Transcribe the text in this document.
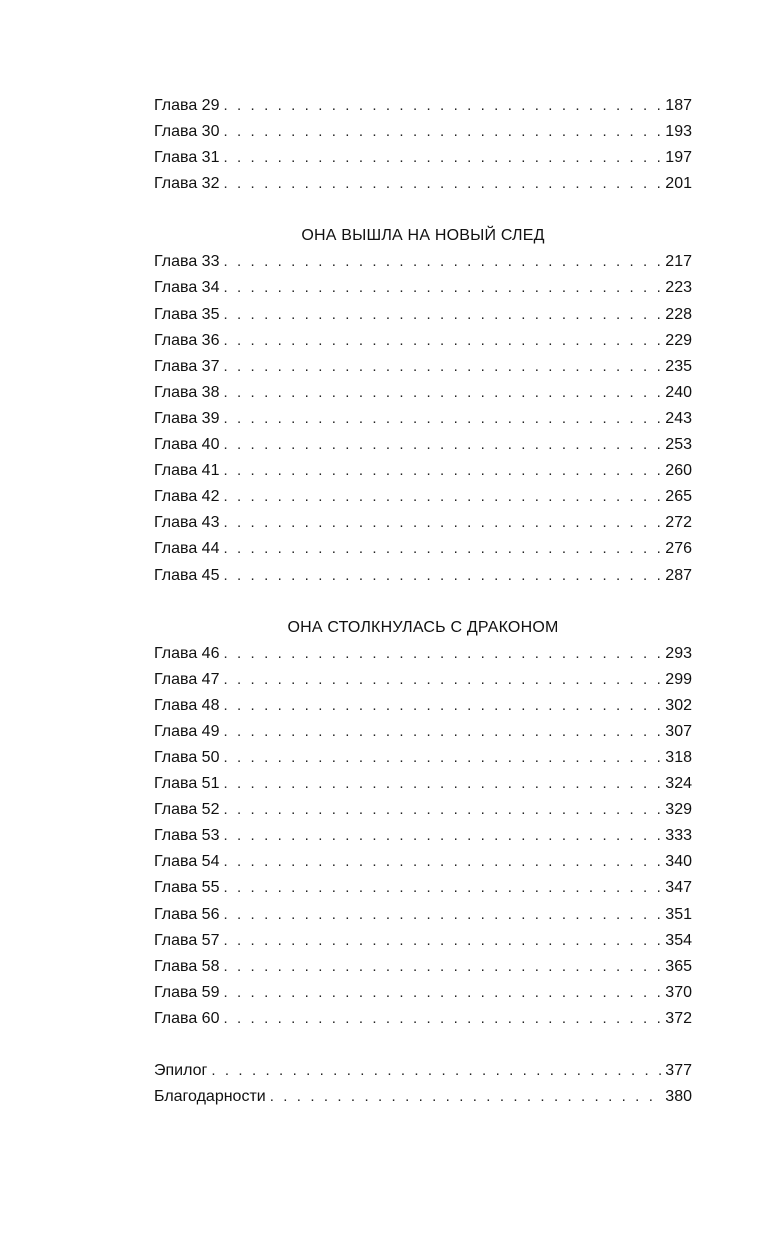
Глава 29 . . .	187
Глава 30 . . .	193
Глава 31 . . .	197
Глава 32 . . .	201
ОНА ВЫШЛА НА НОВЫЙ СЛЕД
Глава 33 . . .	217
Глава 34 . . .	223
Глава 35 . . .	228
Глава 36 . . .	229
Глава 37 . . .	235
Глава 38 . . .	240
Глава 39 . . .	243
Глава 40 . . .	253
Глава 41 . . .	260
Глава 42 . . .	265
Глава 43 . . .	272
Глава 44 . . .	276
Глава 45 . . .	287
ОНА СТОЛКНУЛАСЬ С ДРАКОНОМ
Глава 46 . . .	293
Глава 47 . . .	299
Глава 48 . . .	302
Глава 49 . . .	307
Глава 50 . . .	318
Глава 51 . . .	324
Глава 52 . . .	329
Глава 53 . . .	333
Глава 54 . . .	340
Глава 55 . . .	347
Глава 56 . . .	351
Глава 57 . . .	354
Глава 58 . . .	365
Глава 59 . . .	370
Глава 60 . . .	372
Эпилог . . .	377
Благодарности . . .	380
